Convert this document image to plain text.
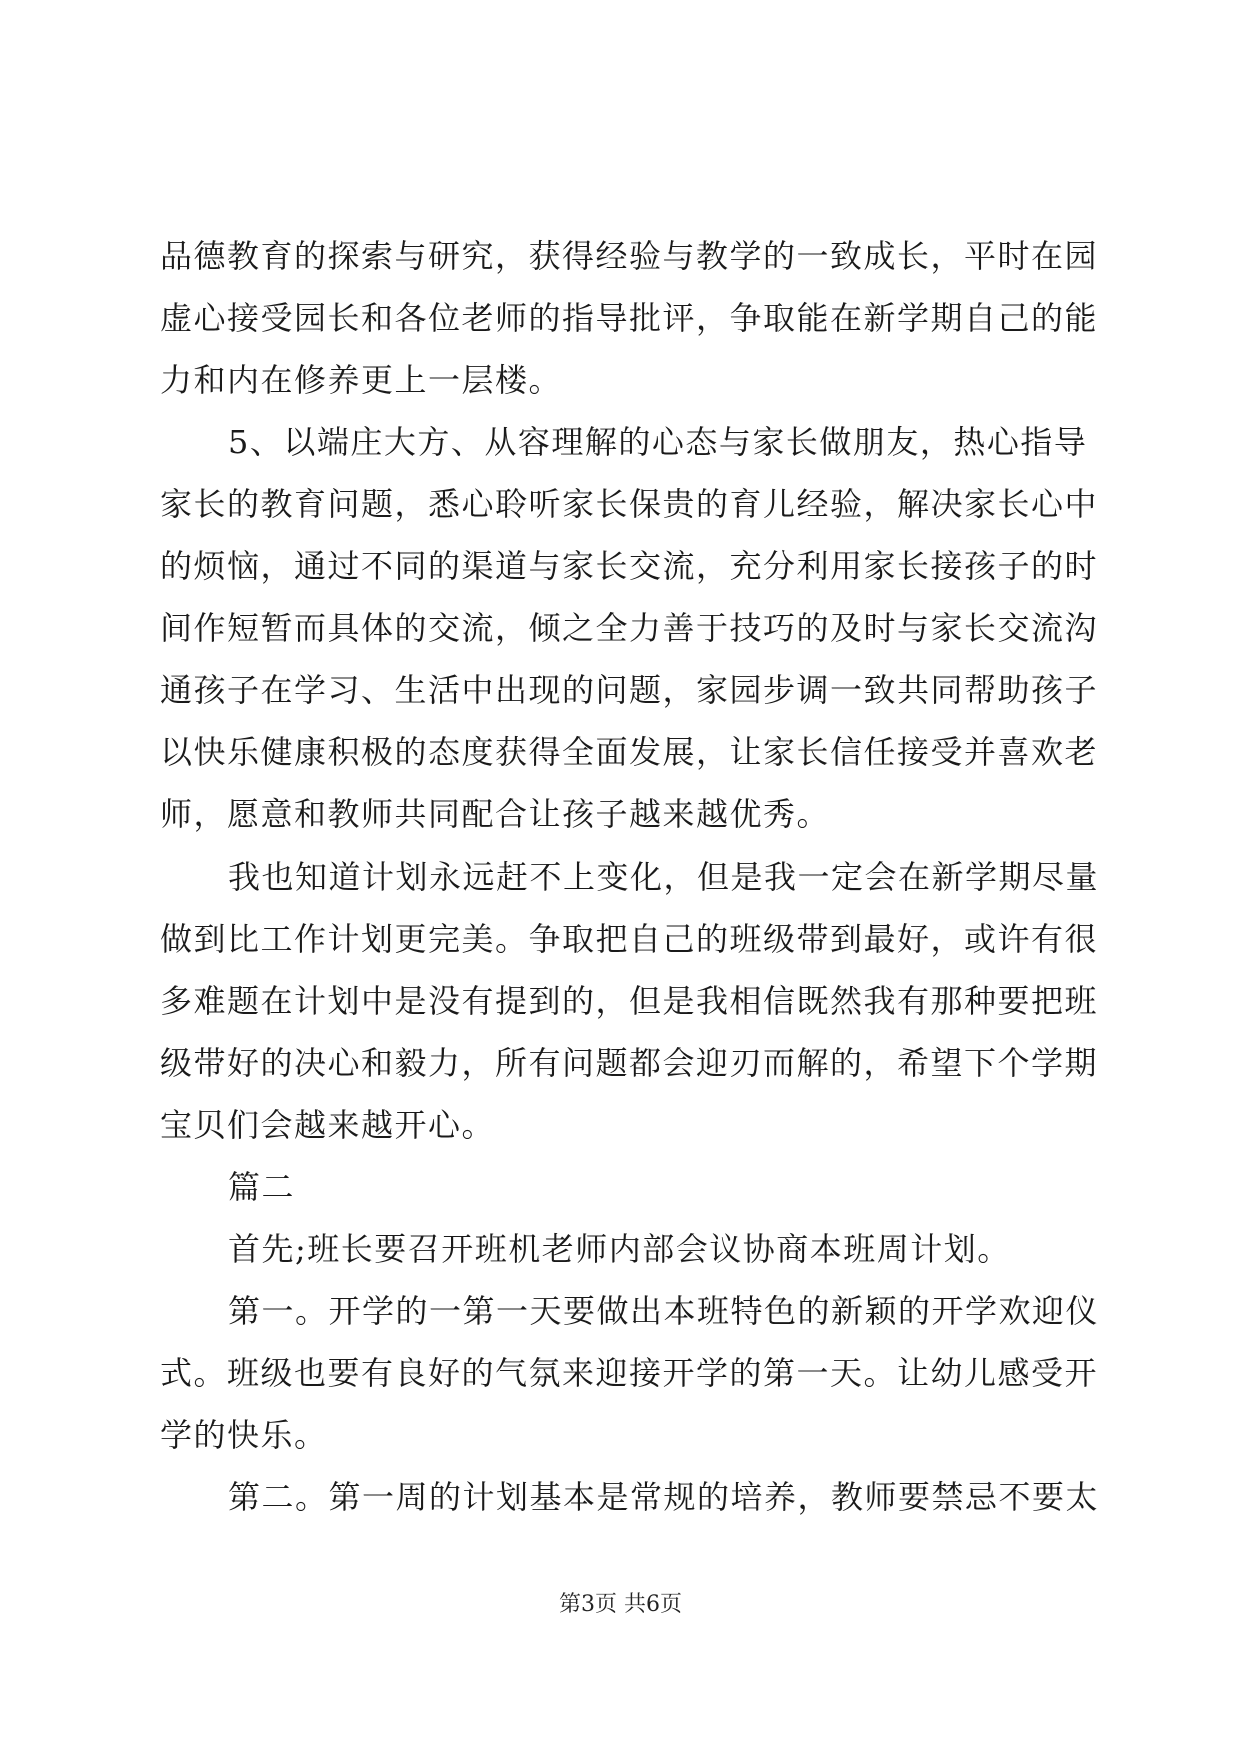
品德教育的探索与研究，获得经验与教学的一致成长，平时在园
虚心接受园长和各位老师的指导批评，争取能在新学期自己的能
力和内在修养更上一层楼。
5、以端庄大方、从容理解的心态与家长做朋友，热心指导
家长的教育问题，悉心聆听家长保贵的育儿经验，解决家长心中
的烦恼，通过不同的渠道与家长交流，充分利用家长接孩子的时
间作短暂而具体的交流，倾之全力善于技巧的及时与家长交流沟
通孩子在学习、生活中出现的问题，家园步调一致共同帮助孩子
以快乐健康积极的态度获得全面发展，让家长信任接受并喜欢老
师，愿意和教师共同配合让孩子越来越优秀。
我也知道计划永远赶不上变化，但是我一定会在新学期尽量
做到比工作计划更完美。争取把自己的班级带到最好，或许有很
多难题在计划中是没有提到的，但是我相信既然我有那种要把班
级带好的决心和毅力，所有问题都会迎刃而解的，希望下个学期
宝贝们会越来越开心。
篇二
首先;班长要召开班机老师内部会议协商本班周计划。
第一。开学的一第一天要做出本班特色的新颖的开学欢迎仪
式。班级也要有良好的气氛来迎接开学的第一天。让幼儿感受开
学的快乐。
第二。第一周的计划基本是常规的培养，教师要禁忌不要太
第3页 共6页
